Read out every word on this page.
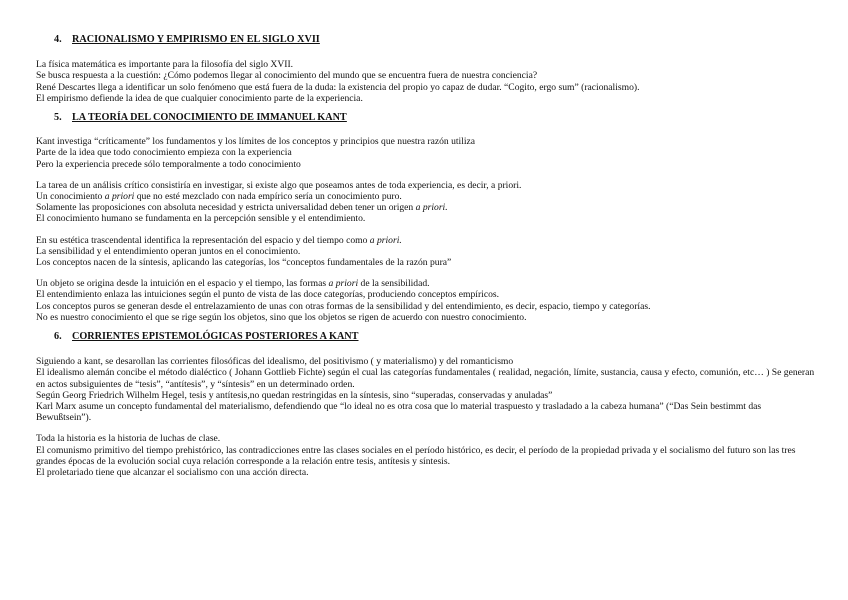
4. RACIONALISMO Y EMPIRISMO EN EL SIGLO XVII
La física matemática es importante para la filosofía del siglo XVII.
Se busca respuesta a la cuestión: ¿Cómo podemos llegar al conocimiento del mundo que se encuentra fuera de nuestra conciencia?
René Descartes llega a identificar un solo fenómeno que está fuera de la duda: la existencia del propio yo capaz de dudar. “Cogito, ergo sum” (racionalismo).
El empirismo defiende la idea de que cualquier conocimiento parte de la experiencia.
5. LA TEORÍA DEL CONOCIMIENTO DE IMMANUEL KANT
Kant investiga “críticamente” los fundamentos y los límites de los conceptos y principios que nuestra razón utiliza
Parte de la idea que todo conocimiento empieza con la experiencia
Pero la experiencia precede sólo temporalmente a todo conocimiento
La tarea de un análisis crítico consistiría en investigar, si existe algo que poseamos antes de toda experiencia, es decir, a priori.
Un conocimiento a priori que no esté mezclado con nada empírico sería un conocimiento puro.
Solamente las proposiciones con absoluta necesidad y estricta universalidad deben tener un origen a priori.
El conocimiento humano se fundamenta en la percepción sensible y el entendimiento.
En su estética trascendental identifica la representación del espacio y del tiempo como a priori.
La sensibilidad y el entendimiento operan juntos en el conocimiento.
Los conceptos nacen de la síntesis, aplicando las categorías, los “conceptos fundamentales de la razón pura”
Un objeto se origina desde la intuición en el espacio y el tiempo, las formas a priori de la sensibilidad.
El entendimiento enlaza las intuiciones según el punto de vista de las doce categorías, produciendo conceptos empíricos.
Los conceptos puros se generan desde el entrelazamiento de unas con otras formas de la sensibilidad y del entendimiento, es decir, espacio, tiempo y categorías.
No es nuestro conocimiento el que se rige según los objetos, sino que los objetos se rigen de acuerdo con nuestro conocimiento.
6. CORRIENTES EPISTEMOLÓGICAS POSTERIORES A KANT
Siguiendo a kant, se desarollan las corrientes filosóficas del idealismo, del positivismo ( y materialismo) y del romanticismo
El idealismo alemán concibe el método dialéctico ( Johann Gottlieb Fichte) según el cual las categorías fundamentales ( realidad, negación, límite, sustancia, causa y efecto, comunión, etc… ) Se generan en actos subsiguientes de “tesis”, “antítesis”, y “síntesis” en un determinado orden.
Según Georg Friedrich Wilhelm Hegel, tesis y antítesis,no quedan restringidas en la síntesis, sino “superadas, conservadas y anuladas”
Karl Marx asume un concepto fundamental del materialismo, defendiendo que “lo ideal no es otra cosa que lo material traspuesto y trasladado a la cabeza humana” (“Das Sein bestimmt das Bewußtsein”).
Toda la historia es la historia de luchas de clase.
El comunismo primitivo del tiempo prehistórico, las contradicciones entre las clases sociales en el período histórico, es decir, el período de la propiedad privada y el socialismo del futuro son las tres grandes épocas de la evolución social cuya relación corresponde a la relación entre tesis, antítesis y síntesis.
El proletariado tiene que alcanzar el socialismo con una acción directa.
